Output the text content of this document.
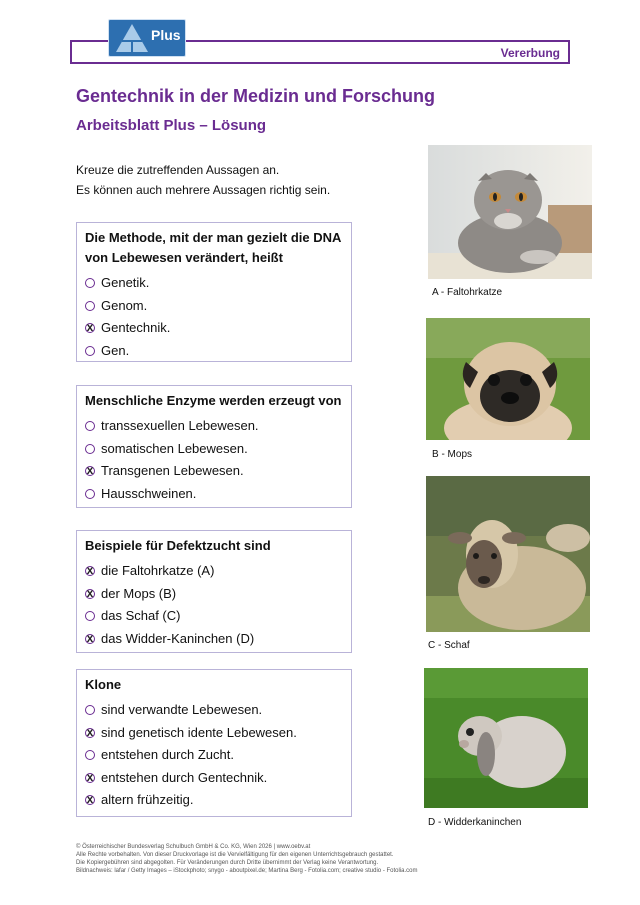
Vererbung
Plus
Gentechnik in der Medizin und Forschung
Arbeitsblatt Plus – Lösung
Kreuze die zutreffenden Aussagen an.
Es können auch mehrere Aussagen richtig sein.
Die Methode, mit der man gezielt die DNA von Lebewesen verändert, heißt
Genetik.
Genom.
x Gentechnik.
Gen.
Menschliche Enzyme werden erzeugt von
transsexuellen Lebewesen.
somatischen Lebewesen.
x Transgenen Lebewesen.
Hausschweinen.
Beispiele für Defektzucht sind
x die Faltohrkatze (A)
x der Mops (B)
das Schaf (C)
x das Widder-Kaninchen (D)
Klone
sind verwandte Lebewesen.
x sind genetisch idente Lebewesen.
entstehen durch Zucht.
x entstehen durch Gentechnik.
x altern frühzeitig.
A - Faltohrkatze
B - Mops
C - Schaf
D - Widderkaninchen
© Österreichischer Bundesverlag Schulbuch GmbH & Co. KG, Wien 2026 | www.oebv.at
Alle Rechte vorbehalten. Von dieser Druckvorlage ist die Vervielfältigung für den eigenen Unterrichtsgebrauch gestattet.
Die Kopiergebühren sind abgegolten. Für Veränderungen durch Dritte übernimmt der Verlag keine Verantwortung.
Bildnachweis: lafar / Getty Images – iStockphoto; snygo - aboutpixel.de; Martina Berg - Fotolia.com; creative studio - Fotolia.com
